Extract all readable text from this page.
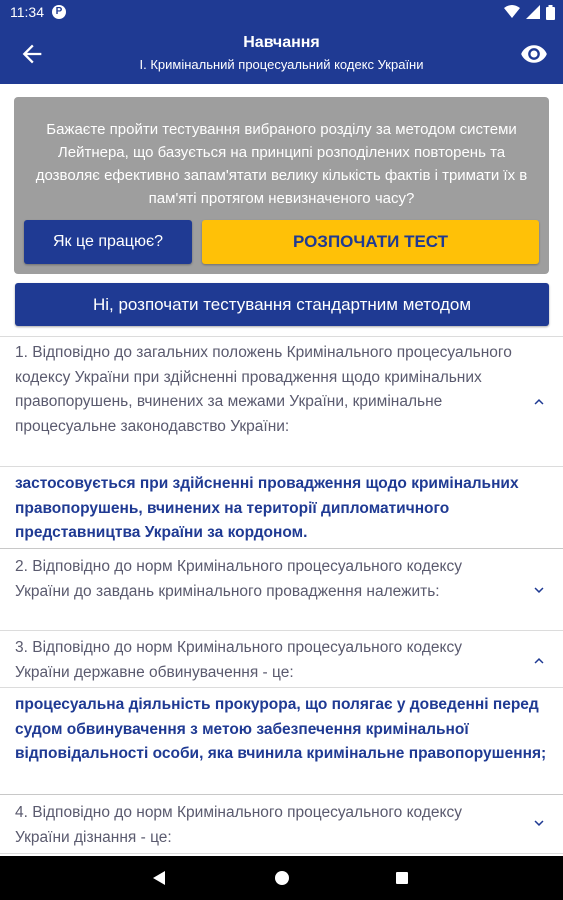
11:34	P
Навчання
І. Кримінальний процесуальний кодекс України
Бажаєте пройти тестування вибраного розділу за методом системи Лейтнера, що базується на принципі розподілених повторень та дозволяє ефективно запам'ятати велику кількість фактів і тримати їх в пам'яті протягом невизначеного часу?
Як це працює?	РОЗПОЧАТИ ТЕСТ
Ні, розпочати тестування стандартним методом
1. Відповідно до загальних положень Кримінального процесуального кодексу України при здійсненні провадження щодо кримінальних правопорушень, вчинених за межами України, кримінальне процесуальне законодавство України:
застосовується при здійсненні провадження щодо кримінальних правопорушень, вчинених на території дипломатичного представництва України за кордоном.
2. Відповідно до норм Кримінального процесуального кодексу України до завдань кримінального провадження належить:
3. Відповідно до норм Кримінального процесуального кодексу України державне обвинувачення - це:
процесуальна діяльність прокурора, що полягає у доведенні перед судом обвинувачення з метою забезпечення кримінальної відповідальності особи, яка вчинила кримінальне правопорушення;
4. Відповідно до норм Кримінального процесуального кодексу України дізнання - це:
